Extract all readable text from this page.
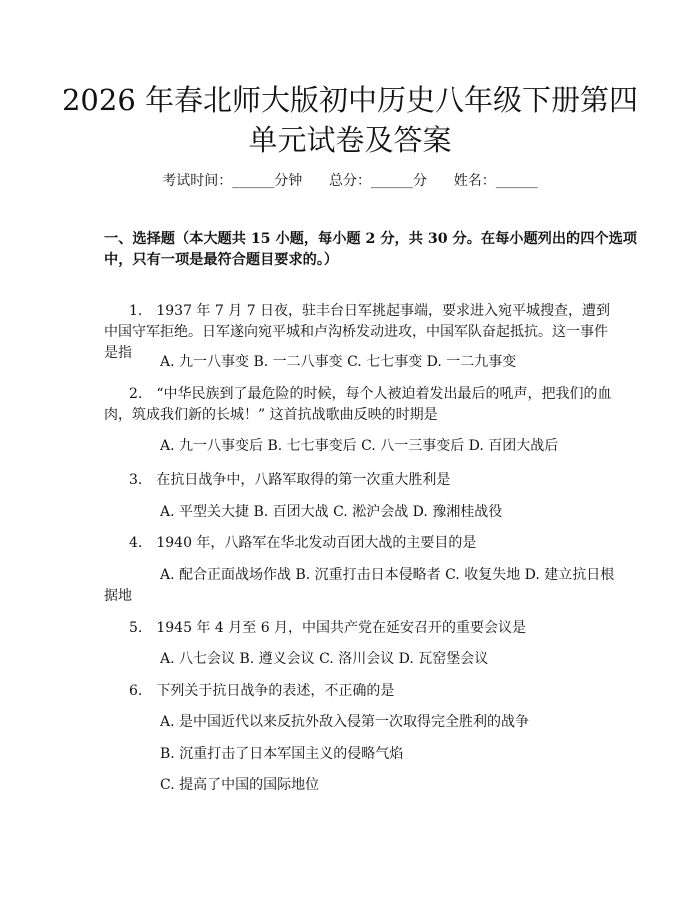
2026 年春北师大版初中历史八年级下册第四
单元试卷及答案
考试时间：______分钟      总分：______分      姓名：______

一、选择题（本大题共 15 小题，每小题 2 分，共 30 分。在每小题列出的四个选项中，只有一项是最符合题目要求的。）

1.　1937 年 7 月 7 日夜，驻丰台日军挑起事端，要求进入宛平城搜查，遭到中国守军拒绝。日军遂向宛平城和卢沟桥发动进攻，中国军队奋起抵抗。这一事件是指

A. 九一八事变 B. 一二八事变 C. 七七事变 D. 一二九事变

2.　“中华民族到了最危险的时候，每个人被迫着发出最后的吼声，把我们的血肉，筑成我们新的长城！” 这首抗战歌曲反映的时期是

A. 九一八事变后 B. 七七事变后 C. 八一三事变后 D. 百团大战后

3.　在抗日战争中，八路军取得的第一次重大胜利是

A. 平型关大捷 B. 百团大战 C. 淞沪会战 D. 豫湘桂战役

4.　1940 年，八路军在华北发动百团大战的主要目的是

A. 配合正面战场作战 B. 沉重打击日本侵略者 C. 收复失地 D. 建立抗日根据地

5.　1945 年 4 月至 6 月，中国共产党在延安召开的重要会议是

A. 八七会议 B. 遵义会议 C. 洛川会议 D. 瓦窑堡会议

6.　下列关于抗日战争的表述，不正确的是

A. 是中国近代以来反抗外敌入侵第一次取得完全胜利的战争

B. 沉重打击了日本军国主义的侵略气焰

C. 提高了中国的国际地位
